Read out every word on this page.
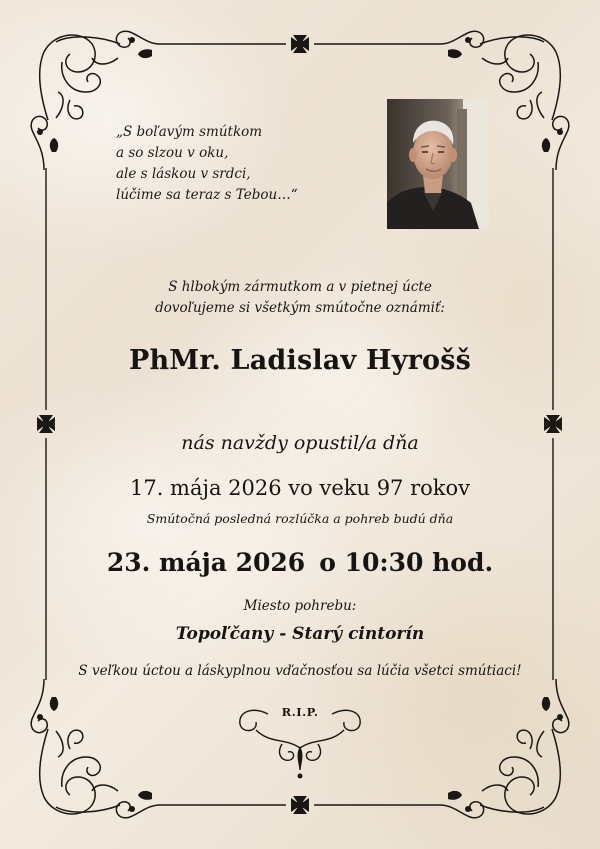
„S boľavým smútkom
a so slzou v oku,
ale s láskou v srdci,
lúčime sa teraz s Tebou…“
S hlbokým zármutkom a v pietnej úcte
dovoľujeme si všetkým smútočne oznámiť:
PhMr. Ladislav Hyrošš
nás navždy opustil/a dňa
17. mája 2026 vo veku 97 rokov
Smútočná posledná rozlúčka a pohreb budú dňa
23. mája 2026 o 10:30 hod.
Miesto pohrebu:
Topoľčany - Starý cintorín
S veľkou úctou a láskyplnou vďačnosťou sa lúčia všetci smútiaci!
R.I.P.
